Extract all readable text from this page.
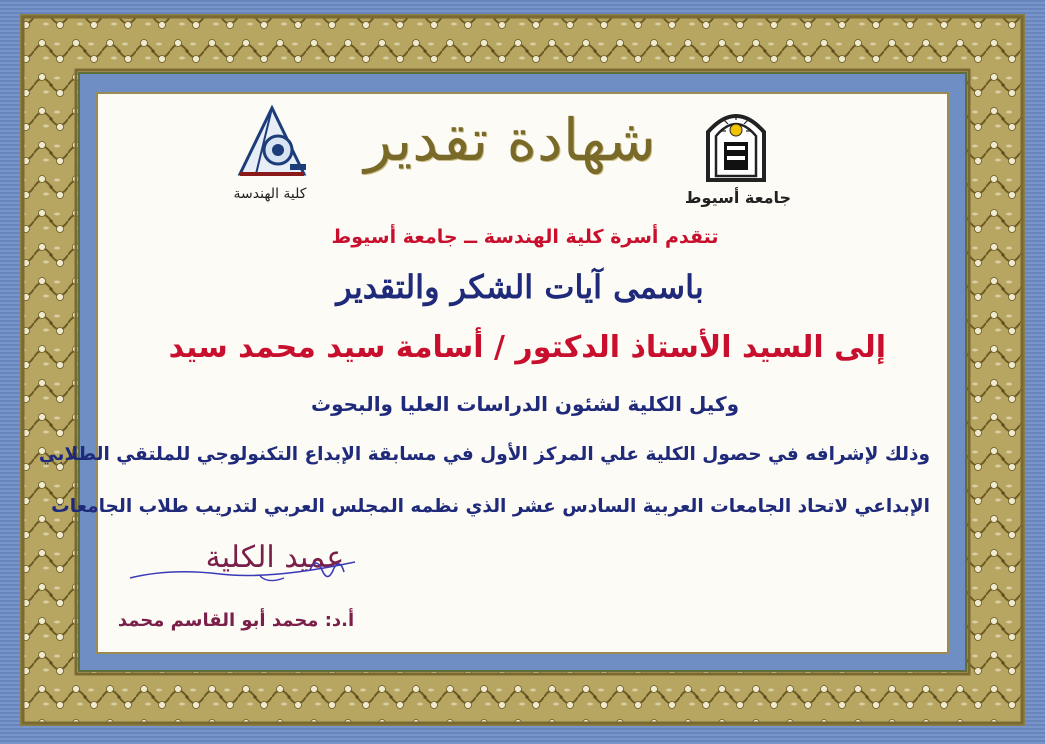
جامعة أسيوط
كلية الهندسة
شهادة تقدير
تتقدم أسرة كلية الهندسة ــ جامعة أسيوط
باسمى آيات الشكر والتقدير
إلى السيد الأستاذ الدكتور / أسامة سيد محمد سيد
وكيل الكلية لشئون الدراسات العليا والبحوث
وذلك لإشرافه في حصول الكلية علي المركز الأول في مسابقة الإبداع التكنولوجي للملتقي الطلابي
الإبداعي لاتحاد الجامعات العربية السادس عشر الذي نظمه المجلس العربي لتدريب طلاب الجامعات
عميد الكلية
أ.د: محمد أبو القاسم محمد
